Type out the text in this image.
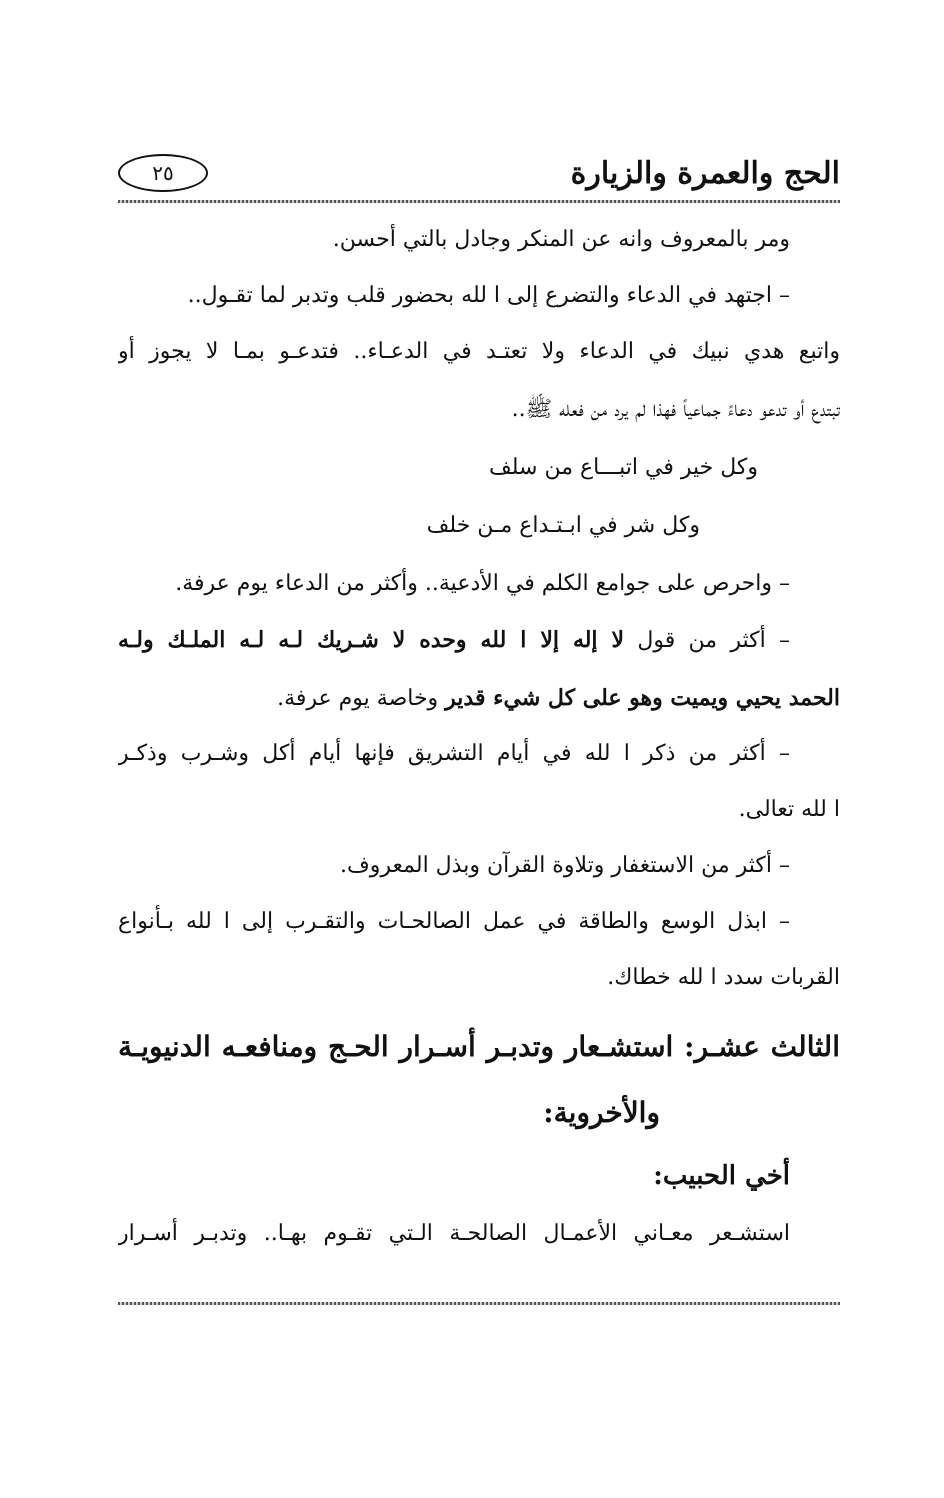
الحج والعمرة والزيارة
٢٥
ومر بالمعروف وانه عن المنكر وجادل بالتي أحسن.
– اجتهد في الدعاء والتضرع إلى ا لله بحضور قلب وتدبر لما تقـول..
واتبع هدي نبيك في الدعاء ولا تعتـد في الدعـاء.. فتدعـو بمـا لا يجوز أو
تبتدع أو تدعو دعاءً جماعياً فهذا لم يرد من فعله ﷺ..
وكل خير في اتبـــاع من سلف
وكل شر في ابـتـداع مـن خلف
– واحرص على جوامع الكلم في الأدعية.. وأكثر من الدعاء يوم عرفة.
– أكثر من قول لا إله إلا ا لله وحده لا شـريك لـه لـه الملـك ولـه
الحمد يحيي ويميت وهو على كل شيء قدير وخاصة يوم عرفة.
– أكثر من ذكر ا لله في أيام التشريق فإنها أيام أكل وشـرب وذكـر
ا لله تعالى.
– أكثر من الاستغفار وتلاوة القرآن وبذل المعروف.
– ابذل الوسع والطاقة في عمل الصالحـات والتقـرب إلى ا لله بـأنواع
القربات سدد ا لله خطاك.
الثالث عشـر: استشـعار وتدبـر أسـرار الحـج ومنافعـه الدنيويـة
والأخروية:
أخي الحبيب:
استشـعر معـاني الأعمـال الصالحـة الـتي تقـوم بهـا.. وتدبـر أسـرار
